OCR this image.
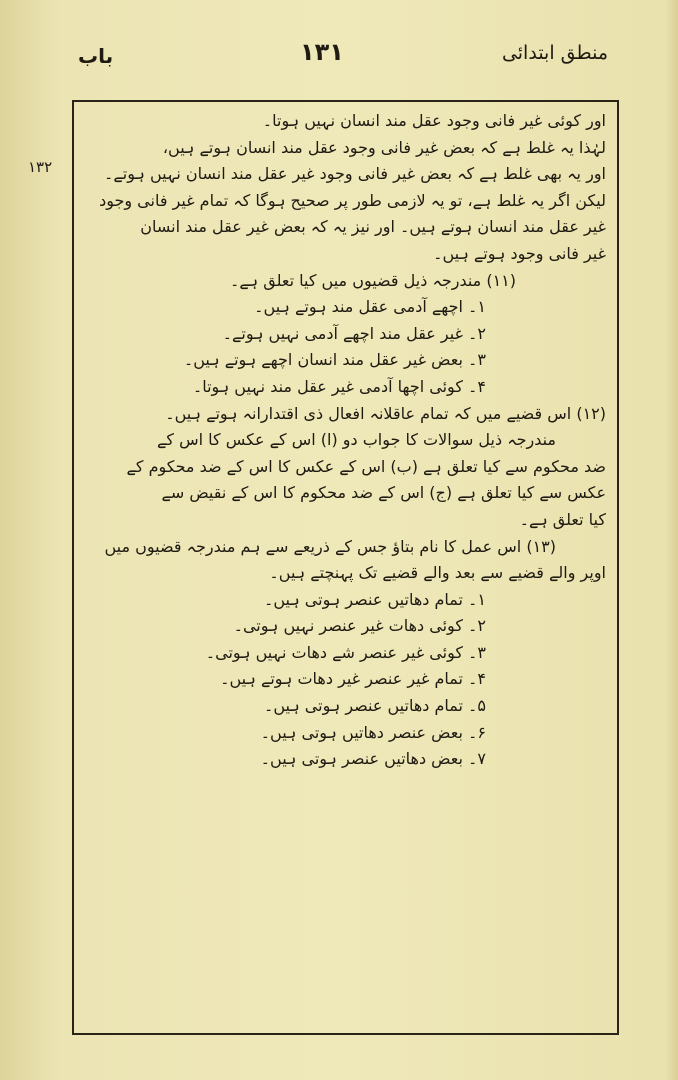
منطق ابتدائی
۱۳۱
باب
۱۳۲
اور کوئی غیر فانی وجود عقل مند انسان نہیں ہوتا۔
لہٰذا یہ غلط ہے کہ بعض غیر فانی وجود عقل مند انسان ہوتے ہیں،
اور یہ بھی غلط ہے کہ بعض غیر فانی وجود غیر عقل مند انسان نہیں ہوتے۔
لیکن اگر یہ غلط ہے، تو یہ لازمی طور پر صحیح ہوگا کہ تمام غیر فانی وجود
غیر عقل مند انسان ہوتے ہیں۔ اور نیز یہ کہ بعض غیر عقل مند انسان
غیر فانی وجود ہوتے ہیں۔
(۱۱) مندرجہ ذیل قضیوں میں کیا تعلق ہے۔
۱۔ اچھے آدمی عقل مند ہوتے ہیں۔
۲۔ غیر عقل مند اچھے آدمی نہیں ہوتے۔
۳۔ بعض غیر عقل مند انسان اچھے ہوتے ہیں۔
۴۔ کوئی اچھا آدمی غیر عقل مند نہیں ہوتا۔
(۱۲) اس قضیے میں کہ تمام عاقلانہ افعال ذی اقتدارانہ ہوتے ہیں۔
مندرجہ ذیل سوالات کا جواب دو (ا) اس کے عکس کا اس کے
ضد محکوم سے کیا تعلق ہے (ب) اس کے عکس کا اس کے ضد محکوم کے
عکس سے کیا تعلق ہے (ج) اس کے ضد محکوم کا اس کے نقیض سے
کیا تعلق ہے۔
(۱۳) اس عمل کا نام بتاؤ جس کے ذریعے سے ہم مندرجہ قضیوں میں
اوپر والے قضیے سے بعد والے قضیے تک پہنچتے ہیں۔
۱۔ تمام دھاتیں عنصر ہوتی ہیں۔
۲۔ کوئی دھات غیر عنصر نہیں ہوتی۔
۳۔ کوئی غیر عنصر شے دھات نہیں ہوتی۔
۴۔ تمام غیر عنصر غیر دھات ہوتے ہیں۔
۵۔ تمام دھاتیں عنصر ہوتی ہیں۔
۶۔ بعض عنصر دھاتیں ہوتی ہیں۔
۷۔ بعض دھاتیں عنصر ہوتی ہیں۔
